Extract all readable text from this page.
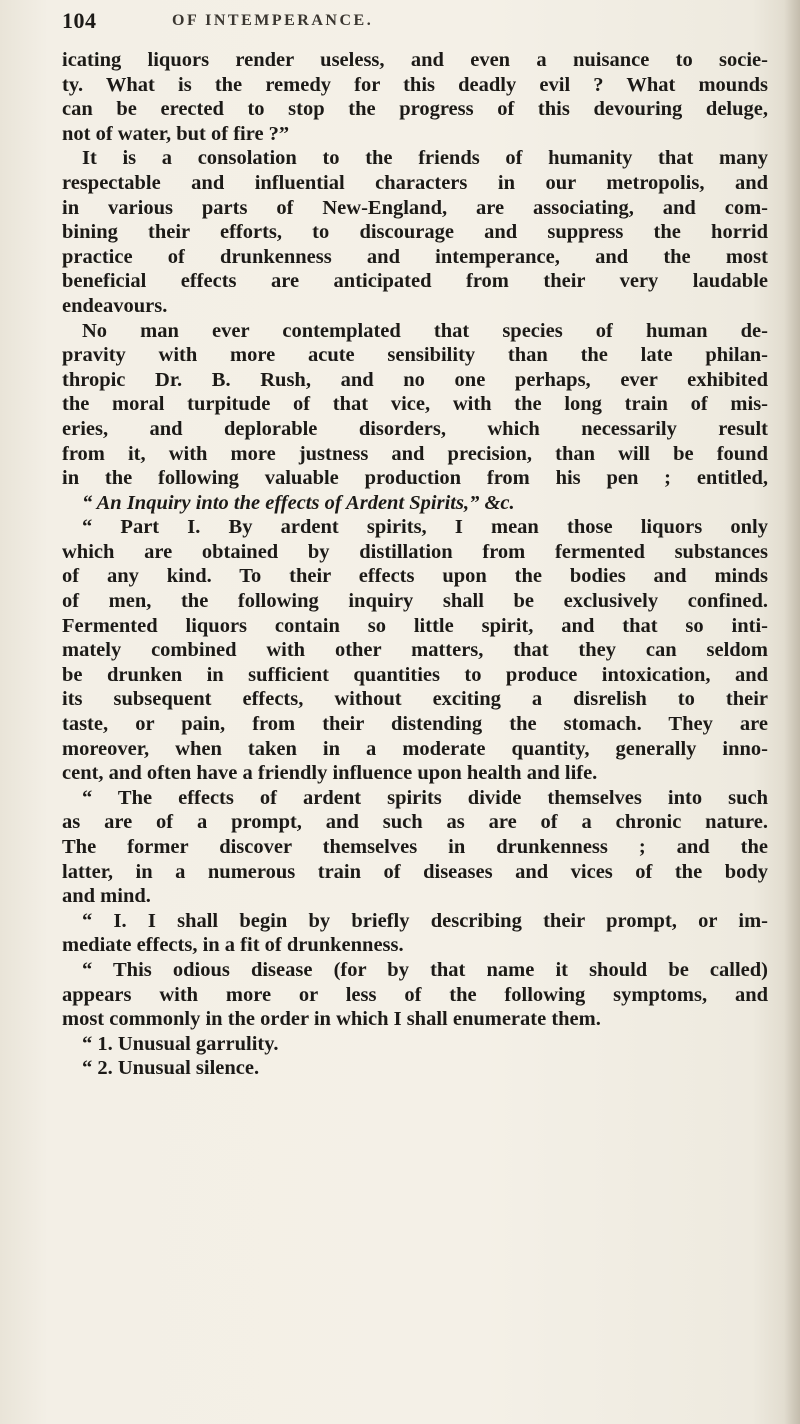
104	OF INTEMPERANCE.
icating liquors render useless, and even a nuisance to socie-
ty. What is the remedy for this deadly evil ? What mounds
can be erected to stop the progress of this devouring deluge,
not of water, but of fire ?”
It is a consolation to the friends of humanity that many
respectable and influential characters in our metropolis, and
in various parts of New-England, are associating, and com-
bining their efforts, to discourage and suppress the horrid
practice of drunkenness and intemperance, and the most
beneficial effects are anticipated from their very laudable
endeavours.
No man ever contemplated that species of human de-
pravity with more acute sensibility than the late philan-
thropic Dr. B. Rush, and no one perhaps, ever exhibited
the moral turpitude of that vice, with the long train of mis-
eries, and deplorable disorders, which necessarily result
from it, with more justness and precision, than will be found
in the following valuable production from his pen ; entitled,
“ An Inquiry into the effects of Ardent Spirits,” &c.
“ Part I. By ardent spirits, I mean those liquors only
which are obtained by distillation from fermented substances
of any kind. To their effects upon the bodies and minds
of men, the following inquiry shall be exclusively confined.
Fermented liquors contain so little spirit, and that so inti-
mately combined with other matters, that they can seldom
be drunken in sufficient quantities to produce intoxication, and
its subsequent effects, without exciting a disrelish to their
taste, or pain, from their distending the stomach. They are
moreover, when taken in a moderate quantity, generally inno-
cent, and often have a friendly influence upon health and life.
“ The effects of ardent spirits divide themselves into such
as are of a prompt, and such as are of a chronic nature.
The former discover themselves in drunkenness ; and the
latter, in a numerous train of diseases and vices of the body
and mind.
“ I. I shall begin by briefly describing their prompt, or im-
mediate effects, in a fit of drunkenness.
“ This odious disease (for by that name it should be called)
appears with more or less of the following symptoms, and
most commonly in the order in which I shall enumerate them.
“ 1. Unusual garrulity.
“ 2. Unusual silence.
